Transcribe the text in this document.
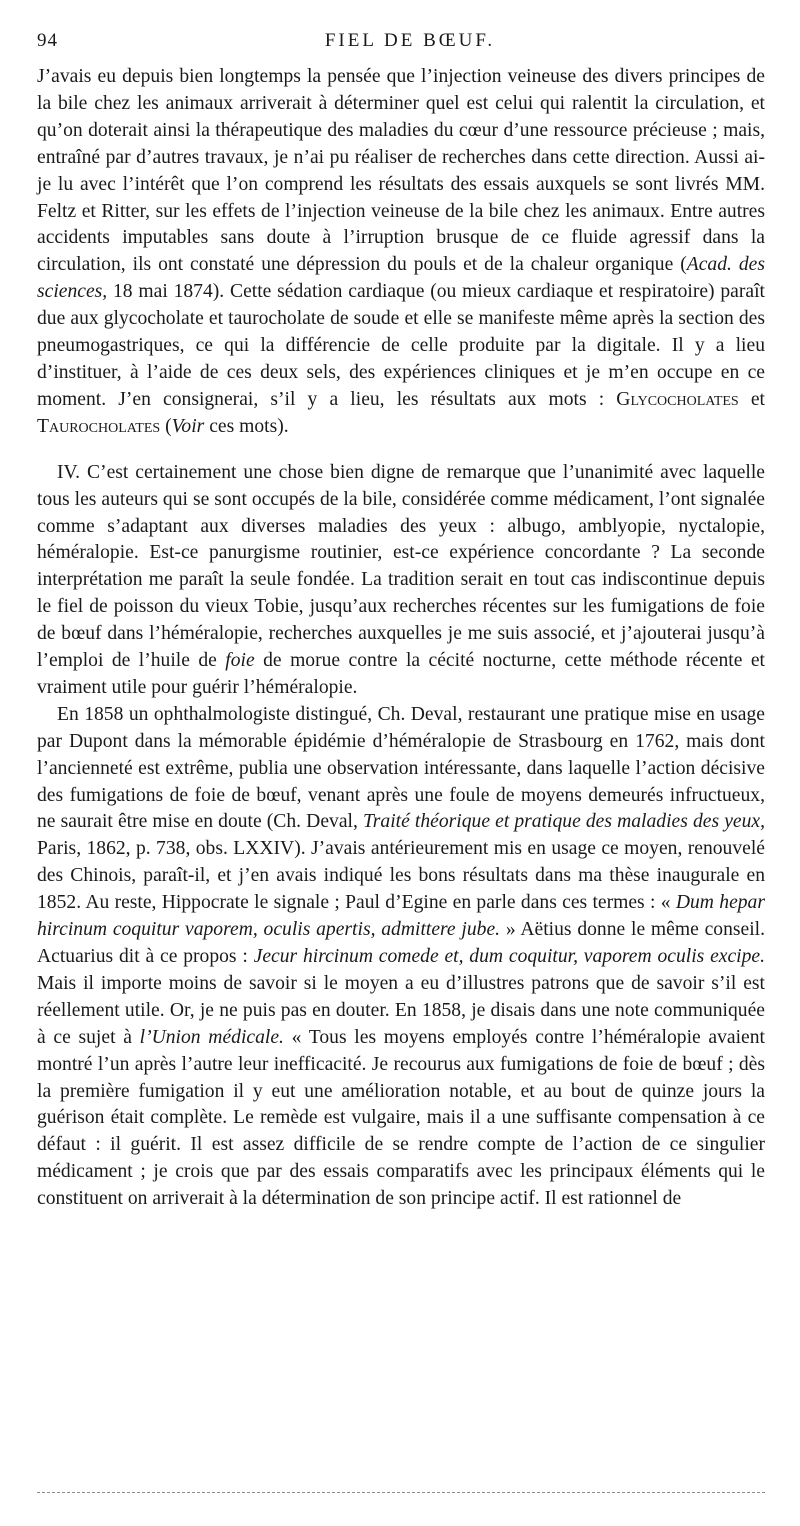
94	FIEL DE BŒUF.

J’avais eu depuis bien longtemps la pensée que l’injection veineuse des divers principes de la bile chez les animaux arriverait à déterminer quel est celui qui ralentit la circulation, et qu’on doterait ainsi la thérapeutique des maladies du cœur d’une ressource précieuse ; mais, entraîné par d’autres travaux, je n’ai pu réaliser de recherches dans cette direction. Aussi ai-je lu avec l’intérêt que l’on comprend les résultats des essais auxquels se sont livrés MM. Feltz et Ritter, sur les effets de l’injection veineuse de la bile chez les animaux. Entre autres accidents imputables sans doute à l’irruption brusque de ce fluide agressif dans la circulation, ils ont constaté une dépression du pouls et de la chaleur organique (Acad. des sciences, 18 mai 1874). Cette sédation cardiaque (ou mieux cardiaque et respiratoire) paraît due aux glycocholate et taurocholate de soude et elle se manifeste même après la section des pneumogastriques, ce qui la différencie de celle produite par la digitale. Il y a lieu d’instituer, à l’aide de ces deux sels, des expériences cliniques et je m’en occupe en ce moment. J’en consignerai, s’il y a lieu, les résultats aux mots : Glycocholates et Taurocholates (Voir ces mots).

IV. C’est certainement une chose bien digne de remarque que l’unanimité avec laquelle tous les auteurs qui se sont occupés de la bile, considérée comme médicament, l’ont signalée comme s’adaptant aux diverses maladies des yeux : albugo, amblyopie, nyctalopie, héméralopie. Est-ce panurgisme routinier, est-ce expérience concordante ? La seconde interprétation me paraît la seule fondée. La tradition serait en tout cas indiscontinue depuis le fiel de poisson du vieux Tobie, jusqu’aux recherches récentes sur les fumigations de foie de bœuf dans l’héméralopie, recherches auxquelles je me suis associé, et j’ajouterai jusqu’à l’emploi de l’huile de foie de morue contre la cécité nocturne, cette méthode récente et vraiment utile pour guérir l’héméralopie.

En 1858 un ophthalmologiste distingué, Ch. Deval, restaurant une pratique mise en usage par Dupont dans la mémorable épidémie d’héméralopie de Strasbourg en 1762, mais dont l’ancienneté est extrême, publia une observation intéressante, dans laquelle l’action décisive des fumigations de foie de bœuf, venant après une foule de moyens demeurés infructueux, ne saurait être mise en doute (Ch. Deval, Traité théorique et pratique des maladies des yeux, Paris, 1862, p. 738, obs. LXXIV). J’avais antérieurement mis en usage ce moyen, renouvelé des Chinois, paraît-il, et j’en avais indiqué les bons résultats dans ma thèse inaugurale en 1852. Au reste, Hippocrate le signale ; Paul d’Egine en parle dans ces termes : « Dum hepar hircinum coquitur vaporem, oculis apertis, admittere jube. » Aëtius donne le même conseil. Actuarius dit à ce propos : Jecur hircinum comede et, dum coquitur, vaporem oculis excipe. Mais il importe moins de savoir si le moyen a eu d’illustres patrons que de savoir s’il est réellement utile. Or, je ne puis pas en douter. En 1858, je disais dans une note communiquée à ce sujet à l’Union médicale. « Tous les moyens employés contre l’héméralopie avaient montré l’un après l’autre leur inefficacité. Je recourus aux fumigations de foie de bœuf ; dès la première fumigation il y eut une amélioration notable, et au bout de quinze jours la guérison était complète. Le remède est vulgaire, mais il a une suffisante compensation à ce défaut : il guérit. Il est assez difficile de se rendre compte de l’action de ce singulier médicament ; je crois que par des essais comparatifs avec les principaux éléments qui le constituent on arriverait à la détermination de son principe actif. Il est rationnel de
